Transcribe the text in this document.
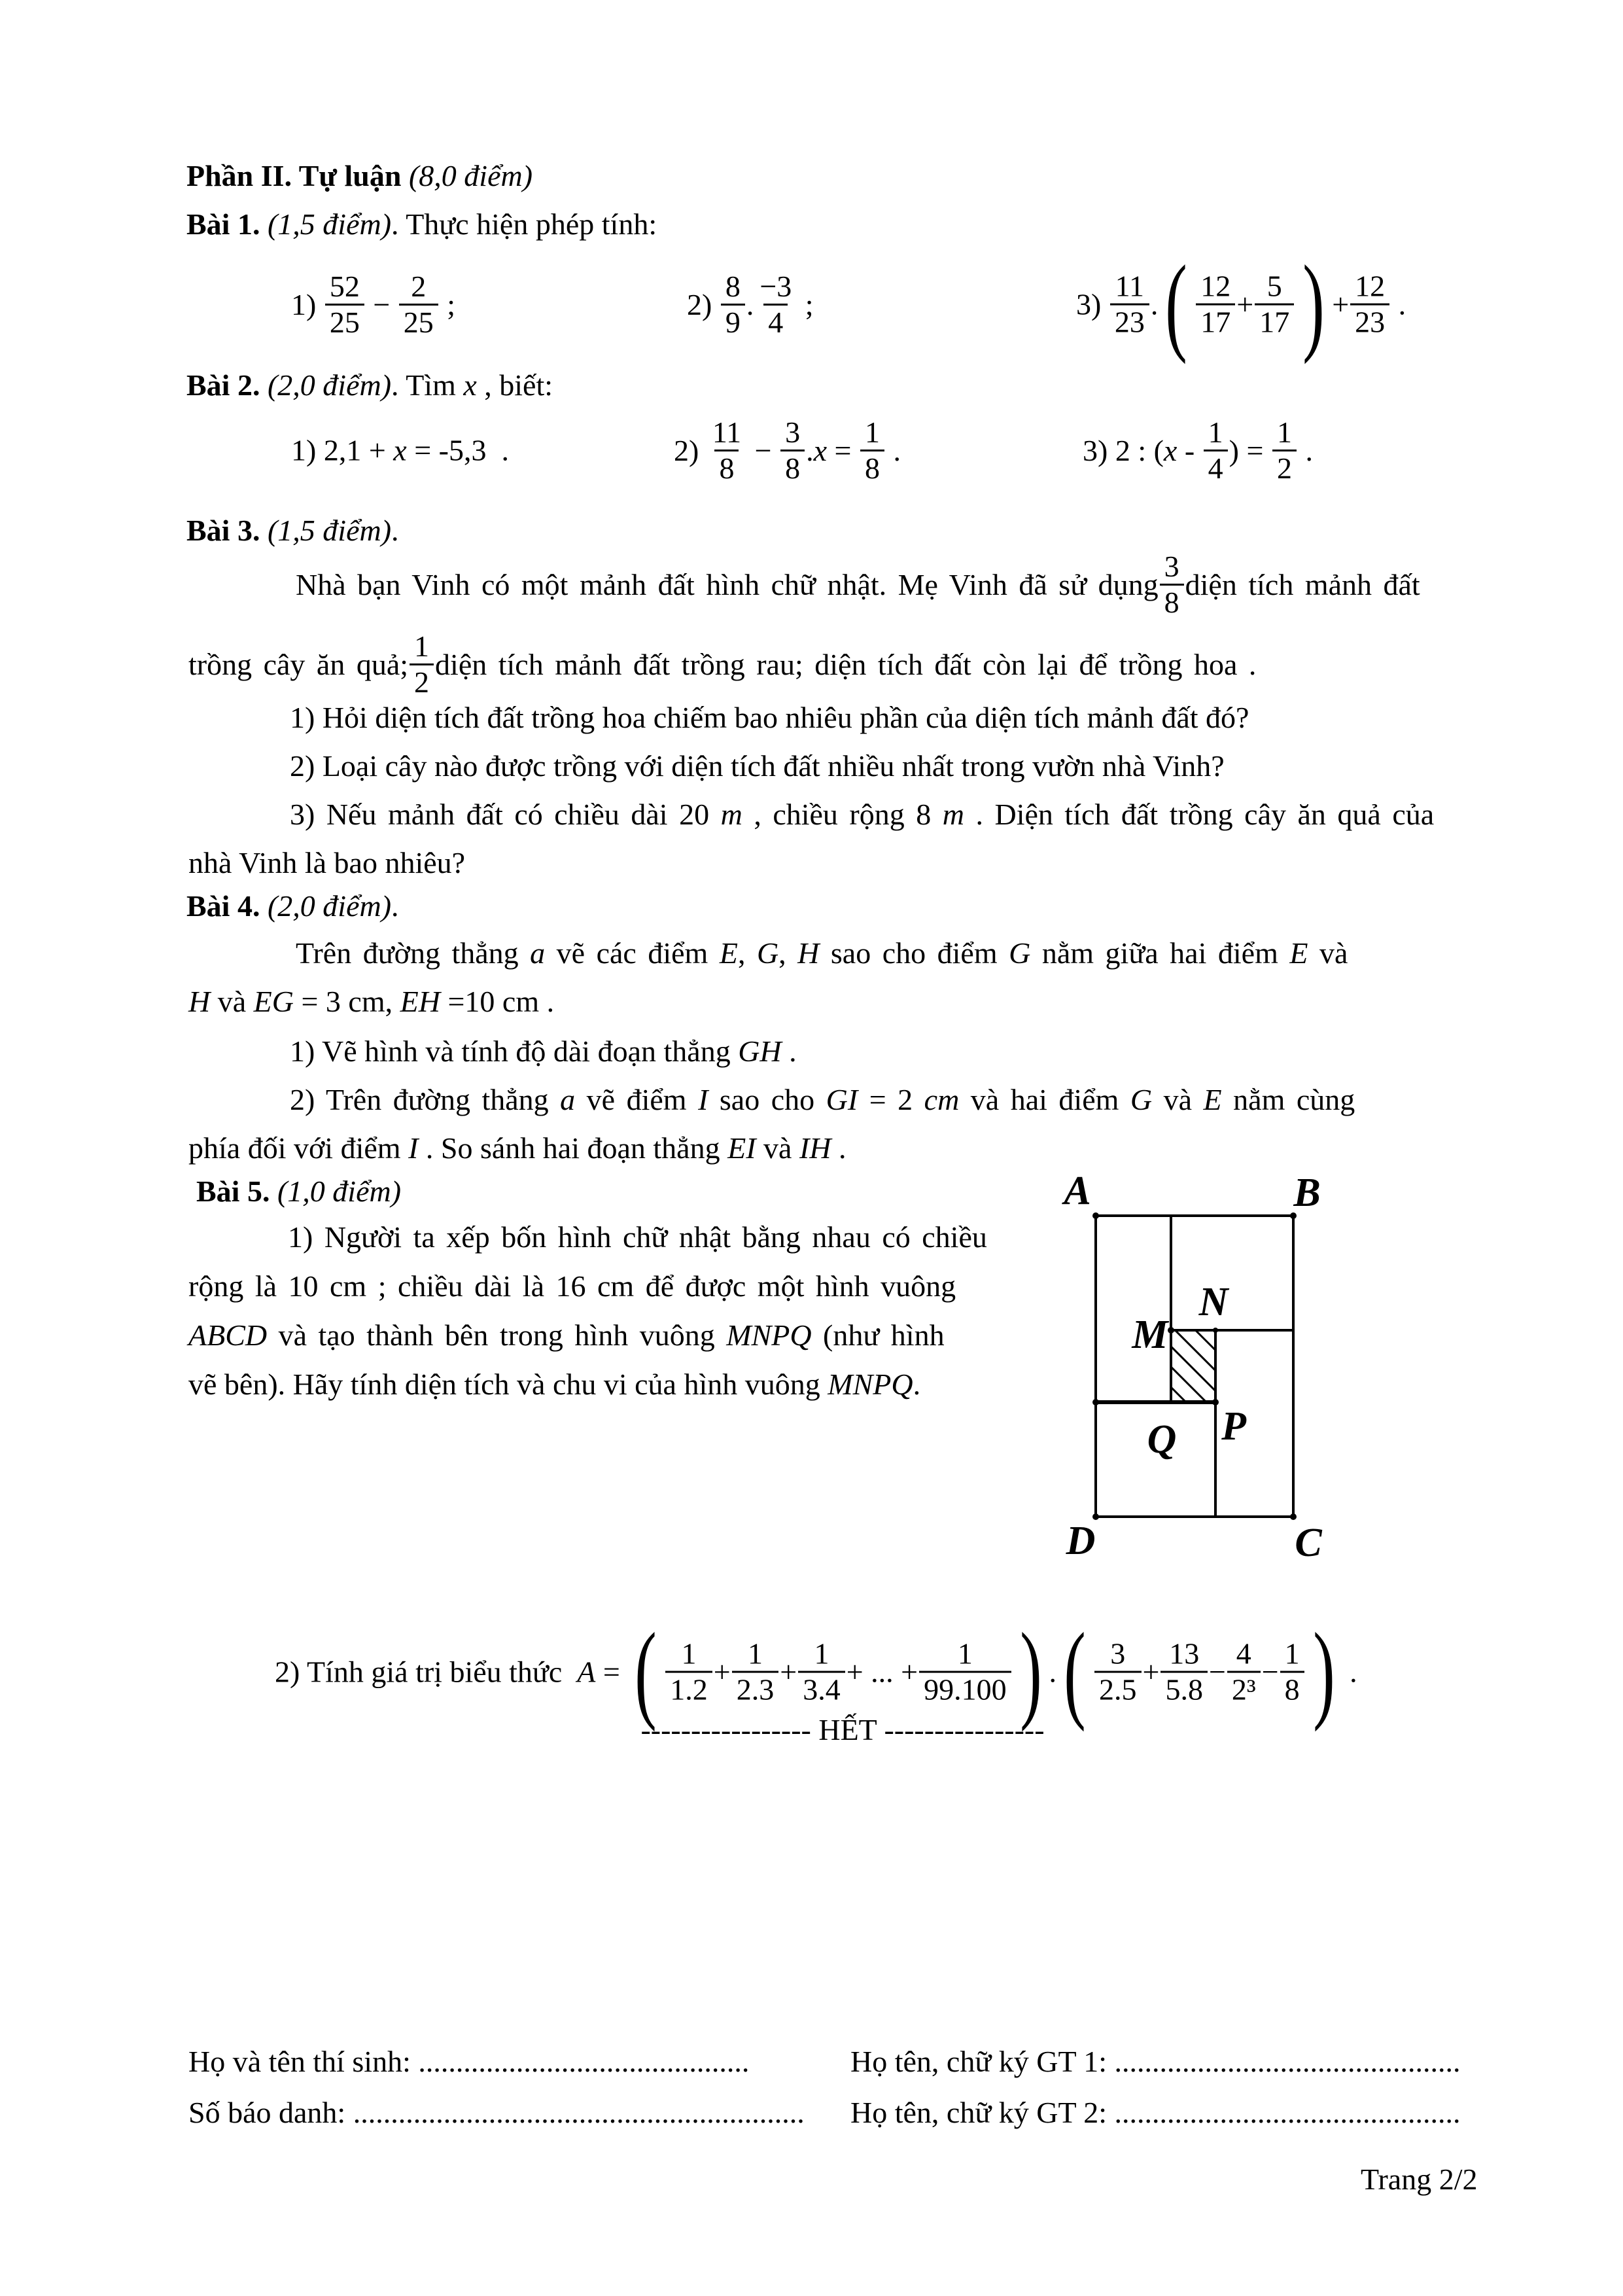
Phần II. Tự luận (8,0 điểm)
Bài 1. (1,5 điểm). Thực hiện phép tính:
$1) \frac{52}{25} - \frac{2}{25}$ ;	$2) \frac{8}{9}$ . $\frac{-3}{4}$ ;	$3) \frac{11}{23}$ . ( $\frac{12}{17} + \frac{5}{17}$ ) + $\frac{12}{23}$ .
Bài 2. (2,0 điểm). Tìm x , biết:
1) 2,1 + x = -5,3  .	$2) \frac{11}{8} - \frac{3}{8}$ . $x = \frac{1}{8}$ .	3) 2 : ( x - $\frac{1}{4}$ ) = $\frac{1}{2}$ .
Bài 3. (1,5 điểm).
Nhà bạn Vinh có một mảnh đất hình chữ nhật. Mẹ Vinh đã sử dụng $\frac{3}{8}$ diện tích mảnh đất
trồng cây ăn quả; $\frac{1}{2}$ diện tích mảnh đất trồng rau; diện tích đất còn lại để trồng hoa .
1) Hỏi diện tích đất trồng hoa chiếm bao nhiêu phần của diện tích mảnh đất đó?
2) Loại cây nào được trồng với diện tích đất nhiều nhất trong vườn nhà Vinh?
3) Nếu mảnh đất có chiều dài 20 m , chiều rộng 8 m . Diện tích đất trồng cây ăn quả của
nhà Vinh là bao nhiêu?
Bài 4. (2,0 điểm).
Trên đường thẳng a vẽ các điểm E, G, H sao cho điểm G nằm giữa hai điểm E và
H và EG = 3 cm, EH =10 cm .
1) Vẽ hình và tính độ dài đoạn thẳng GH .
2) Trên đường thẳng a vẽ điểm I sao cho GI = 2 cm và hai điểm G và E nằm cùng
phía đối với điểm I . So sánh hai đoạn thẳng EI và IH .
Bài 5. (1,0 điểm)
1) Người ta xếp bốn hình chữ nhật bằng nhau có chiều
rộng là 10 cm ; chiều dài là 16 cm để được một hình vuông
ABCD và tạo thành bên trong hình vuông MNPQ (như hình
vẽ bên). Hãy tính diện tích và chu vi của hình vuông MNPQ.
A	B
D	C
M
N
P
Q
2) Tính giá trị biểu thức A = ( $\frac{1}{1.2} + \frac{1}{2.3} + \frac{1}{3.4}$ + ... + $\frac{1}{99.100}$ ) . ( $\frac{3}{2.5} + \frac{13}{5.8} - \frac{4}{\text{2³}} - \frac{1}{8}$ ) .
----------------- HẾT ----------------
Họ và tên thí sinh: ............................................
Số báo danh: ............................................................
Họ tên, chữ ký GT 1: ..............................................
Họ tên, chữ ký GT 2: ..............................................
Trang 2/2
